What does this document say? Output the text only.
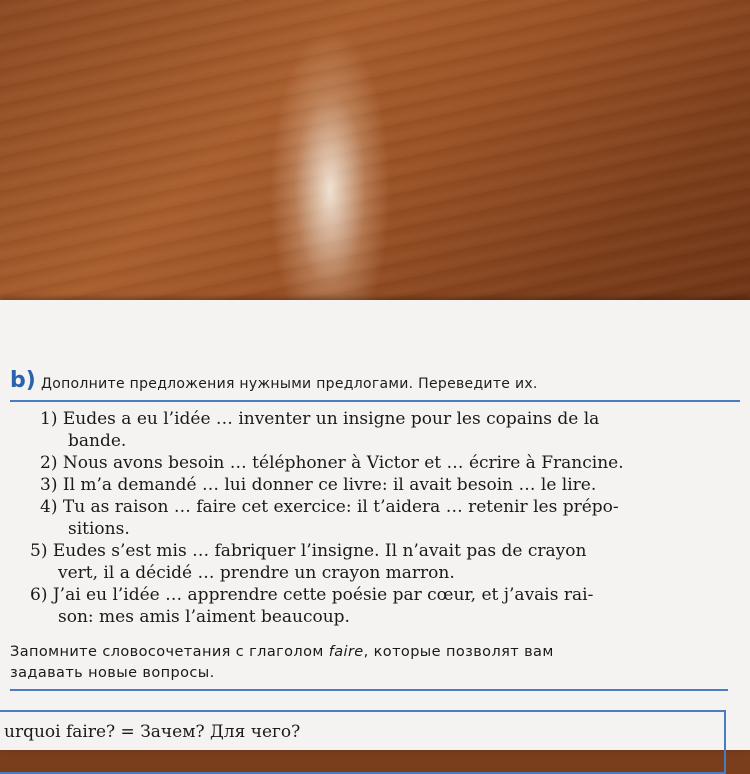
b) Дополните предложения нужными предлогами. Переведите их.
1) Eudes a eu l’idée … inventer un insigne pour les copains de la
bande.
2) Nous avons besoin … téléphoner à Victor et … écrire à Francine.
3) Il m’a demandé … lui donner ce livre: il avait besoin … le lire.
4) Tu as raison … faire cet exercice: il t’aidera … retenir les prépo-
sitions.
5) Eudes s’est mis … fabriquer l’insigne. Il n’avait pas de crayon
vert, il a décidé … prendre un crayon marron.
6) J’ai eu l’idée … apprendre cette poésie par cœur, et j’avais rai-
son: mes amis l’aiment beaucoup.
Запомните словосочетания с глаголом faire, которые позволят вам
задавать новые вопросы.
urquoi faire? = Зачем? Для чего?
